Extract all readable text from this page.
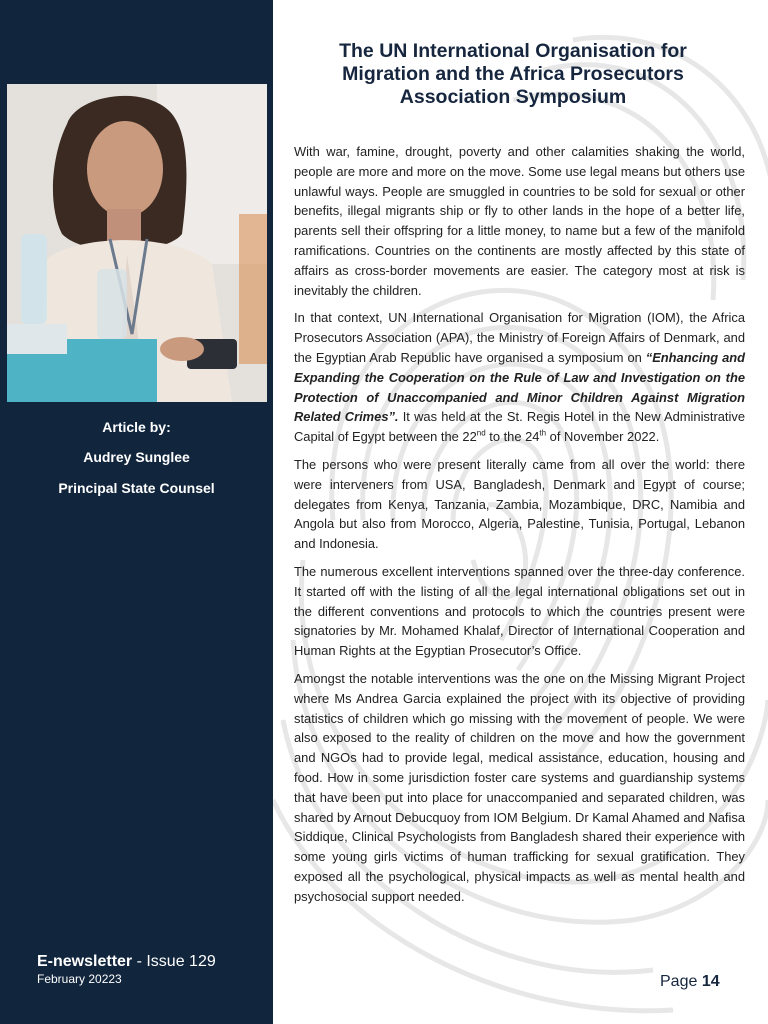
Article by:
Audrey Sunglee
Principal State Counsel
E-newsletter - Issue 129
February 20223
The UN International Organisation for
Migration and the Africa Prosecutors
Association Symposium

With war, famine, drought, poverty and other calamities shaking the world, people are more and more on the move. Some use legal means but others use unlawful ways. People are smuggled in countries to be sold for sexual or other benefits, illegal migrants ship or fly to other lands in the hope of a better life, parents sell their offspring for a little money, to name but a few of the manifold ramifications. Countries on the continents are mostly affected by this state of affairs as cross-border movements are easier. The category most at risk is inevitably the children.

In that context, UN International Organisation for Migration (IOM), the Africa Prosecutors Association (APA), the Ministry of Foreign Affairs of Denmark, and the Egyptian Arab Republic have organised a symposium on “Enhancing and Expanding the Cooperation on the Rule of Law and Investigation on the Protection of Unaccompanied and Minor Children Against Migration Related Crimes”. It was held at the St. Regis Hotel in the New Administrative Capital of Egypt between the 22nd to the 24th of November 2022.

The persons who were present literally came from all over the world: there were interveners from USA, Bangladesh, Denmark and Egypt of course; delegates from Kenya, Tanzania, Zambia, Mozambique, DRC, Namibia and Angola but also from Morocco, Algeria, Palestine, Tunisia, Portugal, Lebanon and Indonesia.

The numerous excellent interventions spanned over the three-day conference. It started off with the listing of all the legal international obligations set out in the different conventions and protocols to which the countries present were signatories by Mr. Mohamed Khalaf, Director of International Cooperation and Human Rights at the Egyptian Prosecutor’s Office.

Amongst the notable interventions was the one on the Missing Migrant Project where Ms Andrea Garcia explained the project with its objective of providing statistics of children which go missing with the movement of people. We were also exposed to the reality of children on the move and how the government and NGOs had to provide legal, medical assistance, education, housing and food. How in some jurisdiction foster care systems and guardianship systems that have been put into place for unaccompanied and separated children, was shared by Arnout Debucquoy from IOM Belgium. Dr Kamal Ahamed and Nafisa Siddique, Clinical Psychologists from Bangladesh shared their experience with some young girls victims of human trafficking for sexual gratification. They exposed all the psychological, physical impacts as well as mental health and psychosocial support needed.

Page 14
